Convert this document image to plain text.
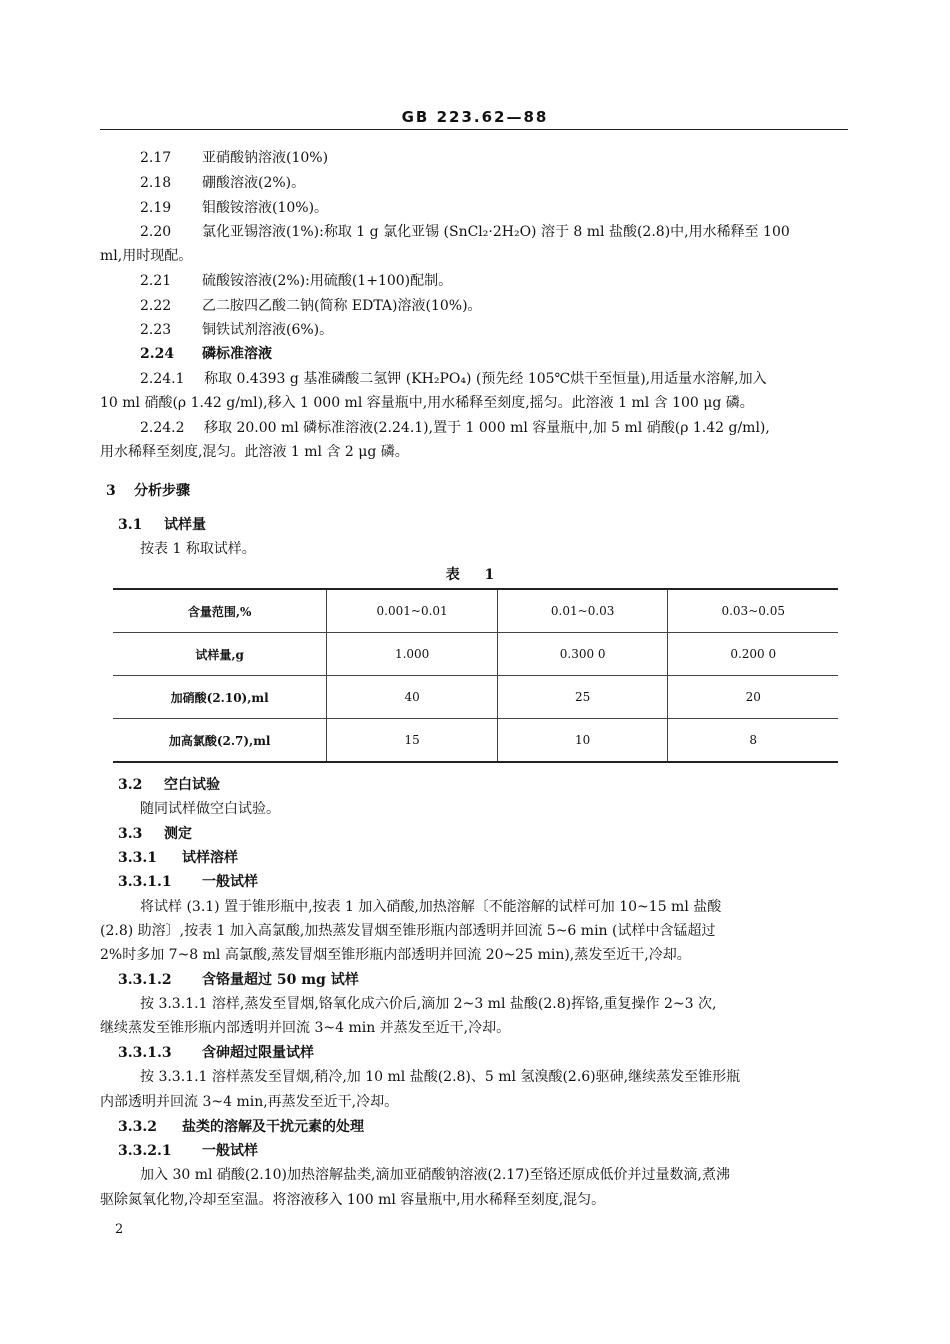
GB 223.62—88
2.17 亚硝酸钠溶液(10%)
2.18 硼酸溶液(2%)。
2.19 钼酸铵溶液(10%)。
2.20 氯化亚锡溶液(1%):称取 1 g 氯化亚锡 (SnCl₂·2H₂O) 溶于 8 ml 盐酸(2.8)中,用水稀释至 100
ml,用时现配。
2.21 硫酸铵溶液(2%):用硫酸(1+100)配制。
2.22 乙二胺四乙酸二钠(简称 EDTA)溶液(10%)。
2.23 铜铁试剂溶液(6%)。
2.24 磷标准溶液
2.24.1 称取 0.4393 g 基准磷酸二氢钾 (KH₂PO₄) (预先经 105℃烘干至恒量),用适量水溶解,加入
10 ml 硝酸(ρ 1.42 g/ml),移入 1 000 ml 容量瓶中,用水稀释至刻度,摇匀。此溶液 1 ml 含 100 μg 磷。
2.24.2 移取 20.00 ml 磷标准溶液(2.24.1),置于 1 000 ml 容量瓶中,加 5 ml 硝酸(ρ 1.42 g/ml),
用水稀释至刻度,混匀。此溶液 1 ml 含 2 μg 磷。
3 分析步骤
3.1 试样量
按表 1 称取试样。
表 1
含量范围,%	0.001~0.01	0.01~0.03	0.03~0.05
试样量,g	1.000	0.300 0	0.200 0
加硝酸(2.10),ml	40	25	20
加高氯酸(2.7),ml	15	10	8
3.2 空白试验
随同试样做空白试验。
3.3 测定
3.3.1 试样溶样
3.3.1.1 一般试样
将试样 (3.1) 置于锥形瓶中,按表 1 加入硝酸,加热溶解〔不能溶解的试样可加 10~15 ml 盐酸
(2.8) 助溶〕,按表 1 加入高氯酸,加热蒸发冒烟至锥形瓶内部透明并回流 5~6 min (试样中含锰超过
2%时多加 7~8 ml 高氯酸,蒸发冒烟至锥形瓶内部透明并回流 20~25 min),蒸发至近干,冷却。
3.3.1.2 含铬量超过 50 mg 试样
按 3.3.1.1 溶样,蒸发至冒烟,铬氧化成六价后,滴加 2~3 ml 盐酸(2.8)挥铬,重复操作 2~3 次,
继续蒸发至锥形瓶内部透明并回流 3~4 min 并蒸发至近干,冷却。
3.3.1.3 含砷超过限量试样
按 3.3.1.1 溶样蒸发至冒烟,稍冷,加 10 ml 盐酸(2.8)、5 ml 氢溴酸(2.6)驱砷,继续蒸发至锥形瓶
内部透明并回流 3~4 min,再蒸发至近干,冷却。
3.3.2 盐类的溶解及干扰元素的处理
3.3.2.1 一般试样
加入 30 ml 硝酸(2.10)加热溶解盐类,滴加亚硝酸钠溶液(2.17)至铬还原成低价并过量数滴,煮沸
驱除氮氧化物,冷却至室温。将溶液移入 100 ml 容量瓶中,用水稀释至刻度,混匀。
2
